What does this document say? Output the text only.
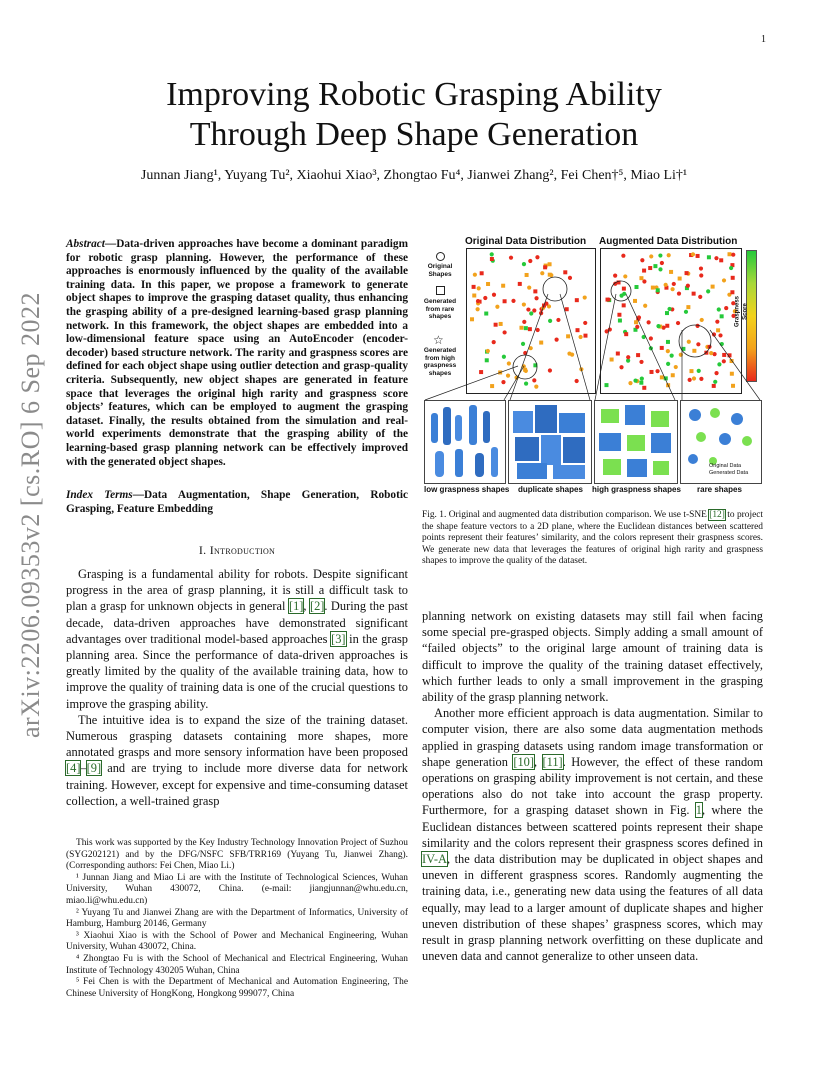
1
arXiv:2206.09353v2 [cs.RO] 6 Sep 2022
Improving Robotic Grasping Ability
Through Deep Shape Generation
Junnan Jiang¹, Yuyang Tu², Xiaohui Xiao³, Zhongtao Fu⁴, Jianwei Zhang², Fei Chen†⁵, Miao Li†¹
Abstract—Data-driven approaches have become a dominant paradigm for robotic grasp planning. However, the performance of these approaches is enormously influenced by the quality of the available training data. In this paper, we propose a framework to generate object shapes to improve the grasping dataset quality, thus enhancing the grasping ability of a pre-designed learning-based grasp planning network. In this framework, the object shapes are embedded into a low-dimensional feature space using an AutoEncoder (encoder-decoder) based structure network. The rarity and graspness scores are defined for each object shape using outlier detection and grasp-quality criteria. Subsequently, new object shapes are generated in feature space that leverages the original high rarity and graspness score objects’ features, which can be employed to augment the grasping dataset. Finally, the results obtained from the simulation and real-world experiments demonstrate that the grasping ability of the learning-based grasp planning network can be effectively improved with the generated object shapes.
Index Terms—Data Augmentation, Shape Generation, Robotic Grasping, Feature Embedding
I. Introduction

Grasping is a fundamental ability for robots. Despite significant progress in the area of grasp planning, it is still a difficult task to plan a grasp for unknown objects in general [1], [2]. During the past decade, data-driven approaches have demonstrated significant advantages over traditional model-based approaches [3] in the grasp planning area. Since the performance of data-driven approaches is greatly limited by the quality of the available training data, how to improve the quality of training data is one of the crucial questions to improve the grasping ability.

The intuitive idea is to expand the size of the training dataset. Numerous grasping datasets containing more shapes, more annotated grasps and more sensory information have been proposed [4]–[9] and are trying to include more diverse data for network training. However, except for expensive and time-consuming dataset collection, a well-trained grasp

This work was supported by the Key Industry Technology Innovation Project of Suzhou (SYG202121) and by the DFG/NSFC SFB/TRR169 (Yuyang Tu, Jianwei Zhang). (Corresponding authors: Fei Chen, Miao Li.)

¹ Junnan Jiang and Miao Li are with the Institute of Technological Sciences, Wuhan University, Wuhan 430072, China. (e-mail: jiangjunnan@whu.edu.cn, miao.li@whu.edu.cn)

² Yuyang Tu and Jianwei Zhang are with the Department of Informatics, University of Hamburg, Hamburg 20146, Germany

³ Xiaohui Xiao is with the School of Power and Mechanical Engineering, Wuhan University, Wuhan 430072, China.

⁴ Zhongtao Fu is with the School of Mechanical and Electrical Engineering, Wuhan Institute of Technology 430205 Wuhan, China

⁵ Fei Chen is with the Department of Mechanical and Automation Engineering, The Chinese University of HongKong, Hongkong 999077, China

Original Data Distribution Augmented Data Distribution
Original Shapes
Generated from rare shapes
☆
Generated from high graspness shapes
Graspness Score
Original Data
Generated Data
low graspness shapes duplicate shapes high graspness shapes rare shapes
Fig. 1. Original and augmented data distribution comparison. We use t-SNE [12] to project the shape feature vectors to a 2D plane, where the Euclidean distances between scattered points represent their features’ similarity, and the colors represent their graspness scores. We generate new data that leverages the features of original high rarity and graspness shapes to improve the quality of the dataset.

planning network on existing datasets may still fail when facing some special pre-grasped objects. Simply adding a small amount of “failed objects” to the original large amount of training data is difficult to improve the quality of the training dataset effectively, which further leads to only a small improvement in the grasping ability of the grasp planning network.

Another more efficient approach is data augmentation. Similar to computer vision, there are also some data augmentation methods applied in grasping datasets using random image transformation or shape generation [10], [11]. However, the effect of these random operations on grasping ability improvement is not certain, and these operations also do not take into account the grasp property. Furthermore, for a grasping dataset shown in Fig. 1, where the Euclidean distances between scattered points represent their shape similarity and the colors represent their graspness scores defined in IV-A, the data distribution may be duplicated in object shapes and uneven in different graspness scores. Randomly augmenting the training data, i.e., generating new data using the features of all data equally, may lead to a larger amount of duplicate shapes and higher uneven distribution of these shapes’ graspness scores, which may result in grasp planning network overfitting on these duplicate and uneven data and cannot generalize to other unseen data.
